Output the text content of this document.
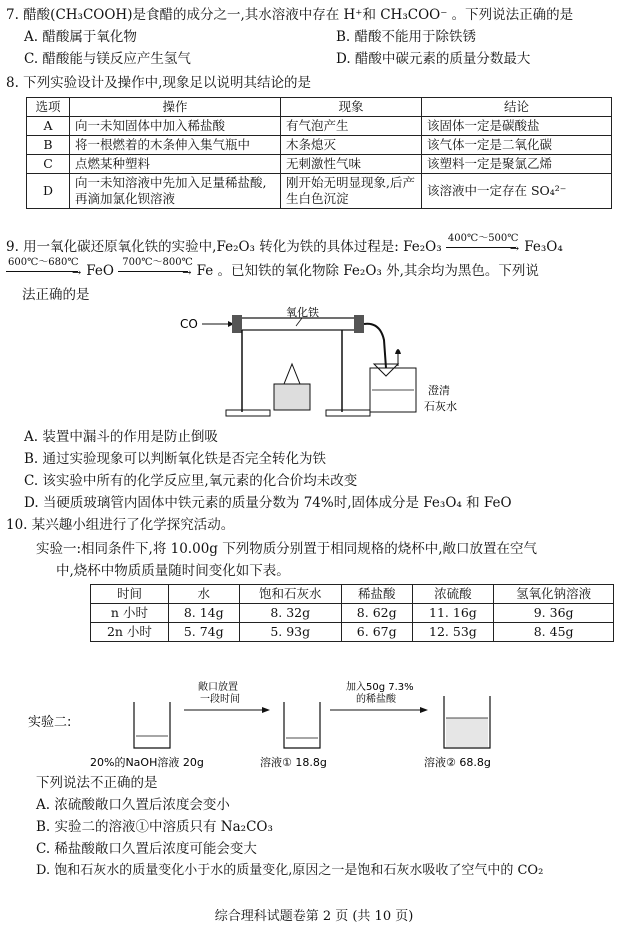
7. 醋酸(CH₃COOH)是食醋的成分之一,其水溶液中存在 H⁺和 CH₃COO⁻ 。下列说法正确的是
A. 醋酸属于氧化物	B. 醋酸不能用于除铁锈
C. 醋酸能与镁反应产生氢气	D. 醋酸中碳元素的质量分数最大
8. 下列实验设计及操作中,现象足以说明其结论的是
选项	操作	现象	结论
A	向一未知固体中加入稀盐酸	有气泡产生	该固体一定是碳酸盐
B	将一根燃着的木条伸入集气瓶中	木条熄灭	该气体一定是二氧化碳
C	点燃某种塑料	无刺激性气味	该塑料一定是聚氯乙烯
D	向一未知溶液中先加入足量稀盐酸,再滴加氯化钡溶液	刚开始无明显现象,后产生白色沉淀	该溶液中一定存在 SO₄²⁻
9. 用一氧化碳还原氧化铁的实验中,Fe₂O₃ 转化为铁的具体过程是: Fe₂O₃
400℃～500℃
→ Fe₃O₄
600℃～680℃
→ FeO
700℃～800℃
→ Fe 。已知铁的氧化物除 Fe₂O₃ 外,其余均为黑色。下列说
法正确的是
CO
氧化铁
澄清
石灰水
A. 装置中漏斗的作用是防止倒吸
B. 通过实验现象可以判断氧化铁是否完全转化为铁
C. 该实验中所有的化学反应里,氧元素的化合价均未改变
D. 当硬质玻璃管内固体中铁元素的质量分数为 74%时,固体成分是 Fe₃O₄ 和 FeO
10. 某兴趣小组进行了化学探究活动。
实验一:相同条件下,将 10.00g 下列物质分别置于相同规格的烧杯中,敞口放置在空气
中,烧杯中物质质量随时间变化如下表。
时间	水	饱和石灰水	稀盐酸	浓硫酸	氢氧化钠溶液
n 小时	8. 14g	8. 32g	8. 62g	11. 16g	9. 36g
2n 小时	5. 74g	5. 93g	6. 67g	12. 53g	8. 45g
实验二:
20%的NaOH溶液 20g
敞口放置
一段时间
溶液① 18.8g
加入50g 7.3%
的稀盐酸
溶液② 68.8g
下列说法不正确的是
A. 浓硫酸敞口久置后浓度会变小
B. 实验二的溶液①中溶质只有 Na₂CO₃
C. 稀盐酸敞口久置后浓度可能会变大
D. 饱和石灰水的质量变化小于水的质量变化,原因之一是饱和石灰水吸收了空气中的 CO₂
综合理科试题卷第 2 页 (共 10 页)
